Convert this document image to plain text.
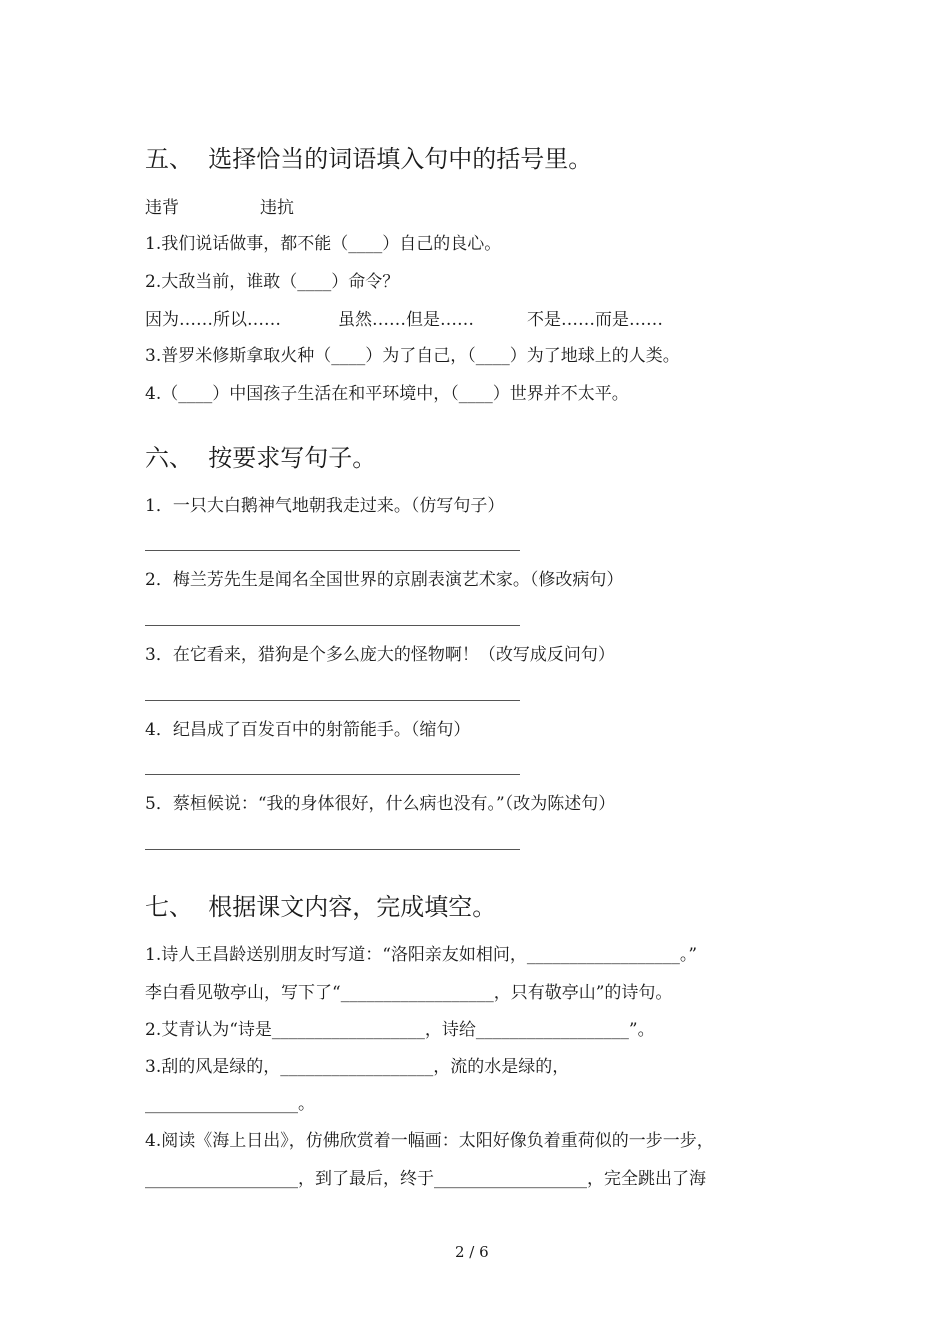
五、  选择恰当的词语填入句中的括号里。
违背	违抗
1.我们说话做事，都不能（____）自己的良心。
2.大敌当前，谁敢（____）命令？
因为……所以……	虽然……但是……	不是……而是……
3.普罗米修斯拿取火种（____）为了自己，（____）为了地球上的人类。
4.（____）中国孩子生活在和平环境中，（____）世界并不太平。
六、  按要求写句子。
1．一只大白鹅神气地朝我走过来。（仿写句子）
2．梅兰芳先生是闻名全国世界的京剧表演艺术家。（修改病句）
3．在它看来，猎狗是个多么庞大的怪物啊！（改写成反问句）
4．纪昌成了百发百中的射箭能手。（缩句）
5．蔡桓候说：“我的身体很好，什么病也没有。”（改为陈述句）
七、  根据课文内容，完成填空。
1.诗人王昌龄送别朋友时写道：“洛阳亲友如相问，__________________。”
李白看见敬亭山，写下了“__________________，只有敬亭山”的诗句。
2.艾青认为“诗是__________________，诗给__________________”。
3.刮的风是绿的，__________________，流的水是绿的，
__________________。
4.阅读《海上日出》，仿佛欣赏着一幅画：太阳好像负着重荷似的一步一步，
__________________，到了最后，终于__________________，完全跳出了海
2 / 6
